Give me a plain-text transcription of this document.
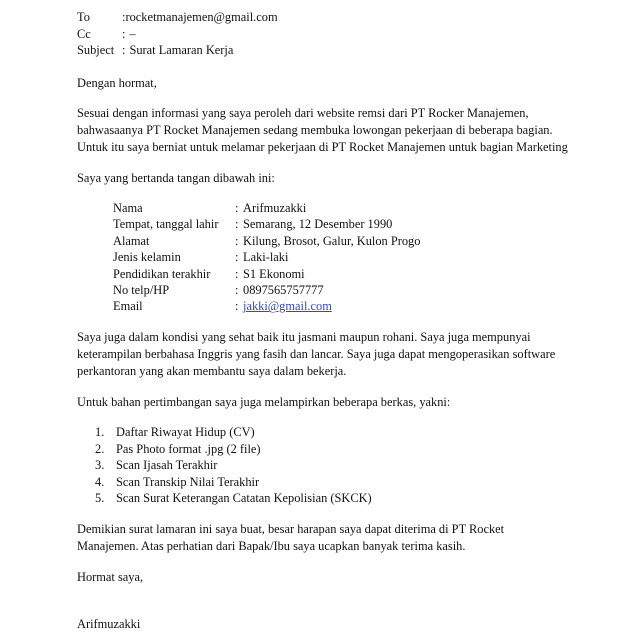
To	: rocketmanajemen@gmail.com
Cc	: –
Subject : Surat Lamaran Kerja

Dengan hormat,

Sesuai dengan informasi yang saya peroleh dari website remsi dari PT Rocker Manajemen, bahwasaanya PT Rocket Manajemen sedang membuka lowongan pekerjaan di beberapa bagian. Untuk itu saya berniat untuk melamar pekerjaan di PT Rocket Manajemen untuk bagian Marketing

Saya yang bertanda tangan dibawah ini:

Nama	:	Arifmuzakki
Tempat, tanggal lahir	:	Semarang, 12 Desember 1990
Alamat	:	Kilung, Brosot, Galur, Kulon Progo
Jenis kelamin	:	Laki-laki
Pendidikan terakhir	:	S1 Ekonomi
No telp/HP	:	0897565757777
Email	:	jakki@gmail.com

Saya juga dalam kondisi yang sehat baik itu jasmani maupun rohani. Saya juga mempunyai keterampilan berbahasa Inggris yang fasih dan lancar. Saya juga dapat mengoperasikan software perkantoran yang akan membantu saya dalam bekerja.

Untuk bahan pertimbangan saya juga melampirkan beberapa berkas, yakni:

1. Daftar Riwayat Hidup (CV)
2. Pas Photo format .jpg (2 file)
3. Scan Ijasah Terakhir
4. Scan Transkip Nilai Terakhir
5. Scan Surat Keterangan Catatan Kepolisian (SKCK)

Demikian surat lamaran ini saya buat, besar harapan saya dapat diterima di PT Rocket Manajemen. Atas perhatian dari Bapak/Ibu saya ucapkan banyak terima kasih.

Hormat saya,

Arifmuzakki
